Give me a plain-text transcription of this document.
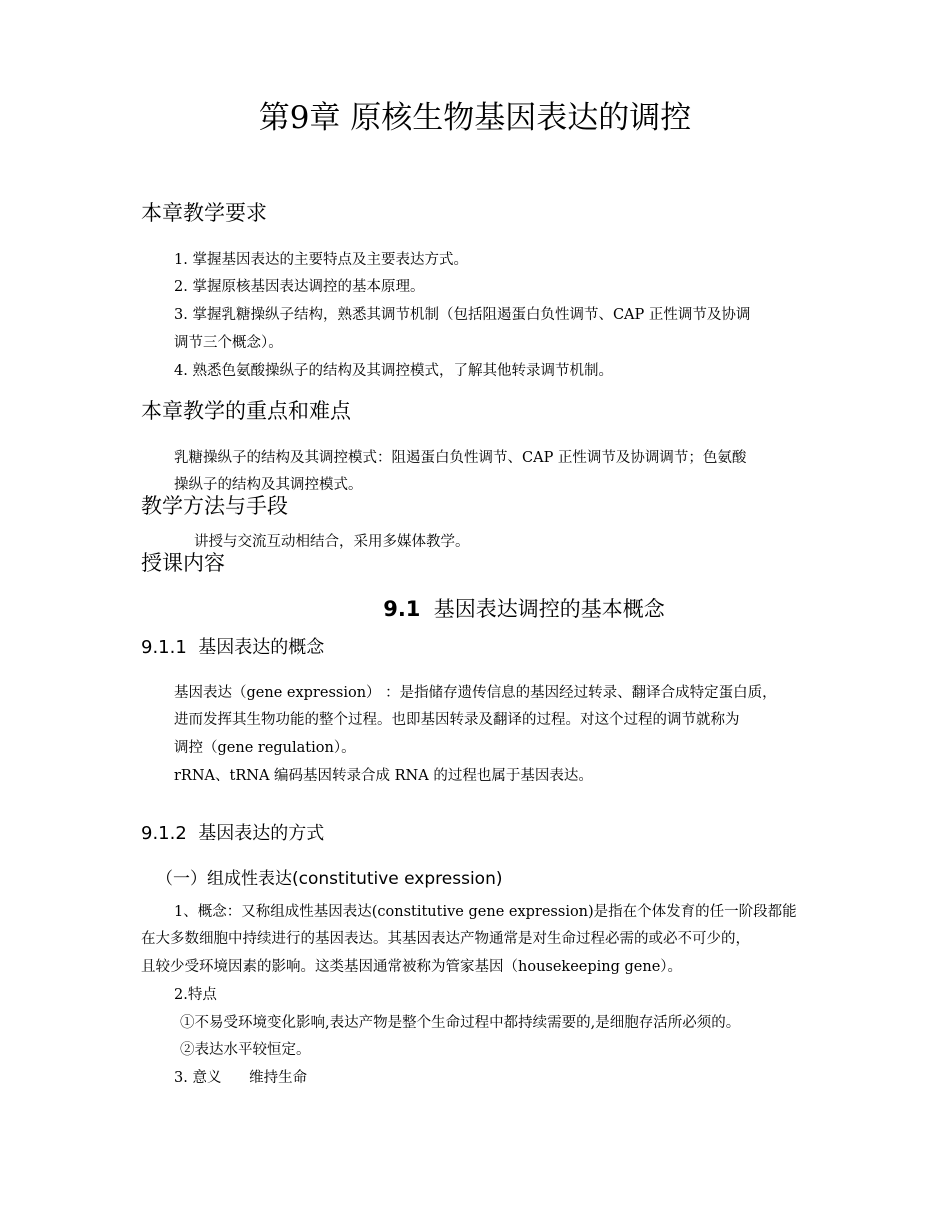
第9章 原核生物基因表达的调控
本章教学要求
1. 掌握基因表达的主要特点及主要表达方式。
2. 掌握原核基因表达调控的基本原理。
3. 掌握乳糖操纵子结构，熟悉其调节机制（包括阻遏蛋白负性调节、CAP 正性调节及协调
调节三个概念）。
4. 熟悉色氨酸操纵子的结构及其调控模式，了解其他转录调节机制。
本章教学的重点和难点
乳糖操纵子的结构及其调控模式：阻遏蛋白负性调节、CAP 正性调节及协调调节；色氨酸
操纵子的结构及其调控模式。
教学方法与手段
讲授与交流互动相结合，采用多媒体教学。
授课内容
9.1 基因表达调控的基本概念
9.1.1 基因表达的概念
基因表达（gene expression） ：是指储存遗传信息的基因经过转录、翻译合成特定蛋白质，
进而发挥其生物功能的整个过程。也即基因转录及翻译的过程。对这个过程的调节就称为
调控（gene regulation）。
rRNA、tRNA 编码基因转录合成 RNA 的过程也属于基因表达。
9.1.2 基因表达的方式
（一）组成性表达(constitutive expression)
1、概念：又称组成性基因表达(constitutive gene expression)是指在个体发育的任一阶段都能
在大多数细胞中持续进行的基因表达。其基因表达产物通常是对生命过程必需的或必不可少的，
且较少受环境因素的影响。这类基因通常被称为管家基因（housekeeping gene）。
2.特点
①不易受环境变化影响,表达产物是整个生命过程中都持续需要的,是细胞存活所必须的。
②表达水平较恒定。
3. 意义      维持生命
